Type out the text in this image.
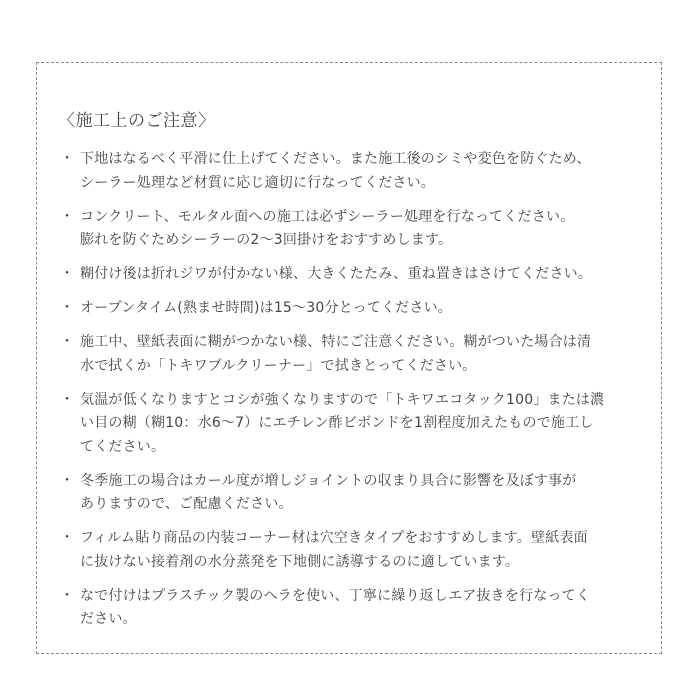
〈施工上のご注意〉
・ 下地はなるべく平滑に仕上げてください。また施工後のシミや変色を防ぐため、
シーラー処理など材質に応じ適切に行なってください。
・ コンクリート、モルタル面への施工は必ずシーラー処理を行なってください。
膨れを防ぐためシーラーの2～3回掛けをおすすめします。
・ 糊付け後は折れジワが付かない様、大きくたたみ、重ね置きはさけてください。
・ オープンタイム(熟ませ時間)は15～30分とってください。
・ 施工中、壁紙表面に糊がつかない様、特にご注意ください。糊がついた場合は清
水で拭くか「トキワブルクリーナー」で拭きとってください。
・ 気温が低くなりますとコシが強くなりますので「トキワエコタック100」または濃
い目の糊（糊10：水6～7）にエチレン酢ビボンドを1割程度加えたもので施工し
てください。
・ 冬季施工の場合はカール度が増しジョイントの収まり具合に影響を及ぼす事が
ありますので、ご配慮ください。
・ フィルム貼り商品の内装コーナー材は穴空きタイプをおすすめします。壁紙表面
に抜けない接着剤の水分蒸発を下地側に誘導するのに適しています。
・ なで付けはプラスチック製のヘラを使い、丁寧に繰り返しエア抜きを行なってく
ださい。
